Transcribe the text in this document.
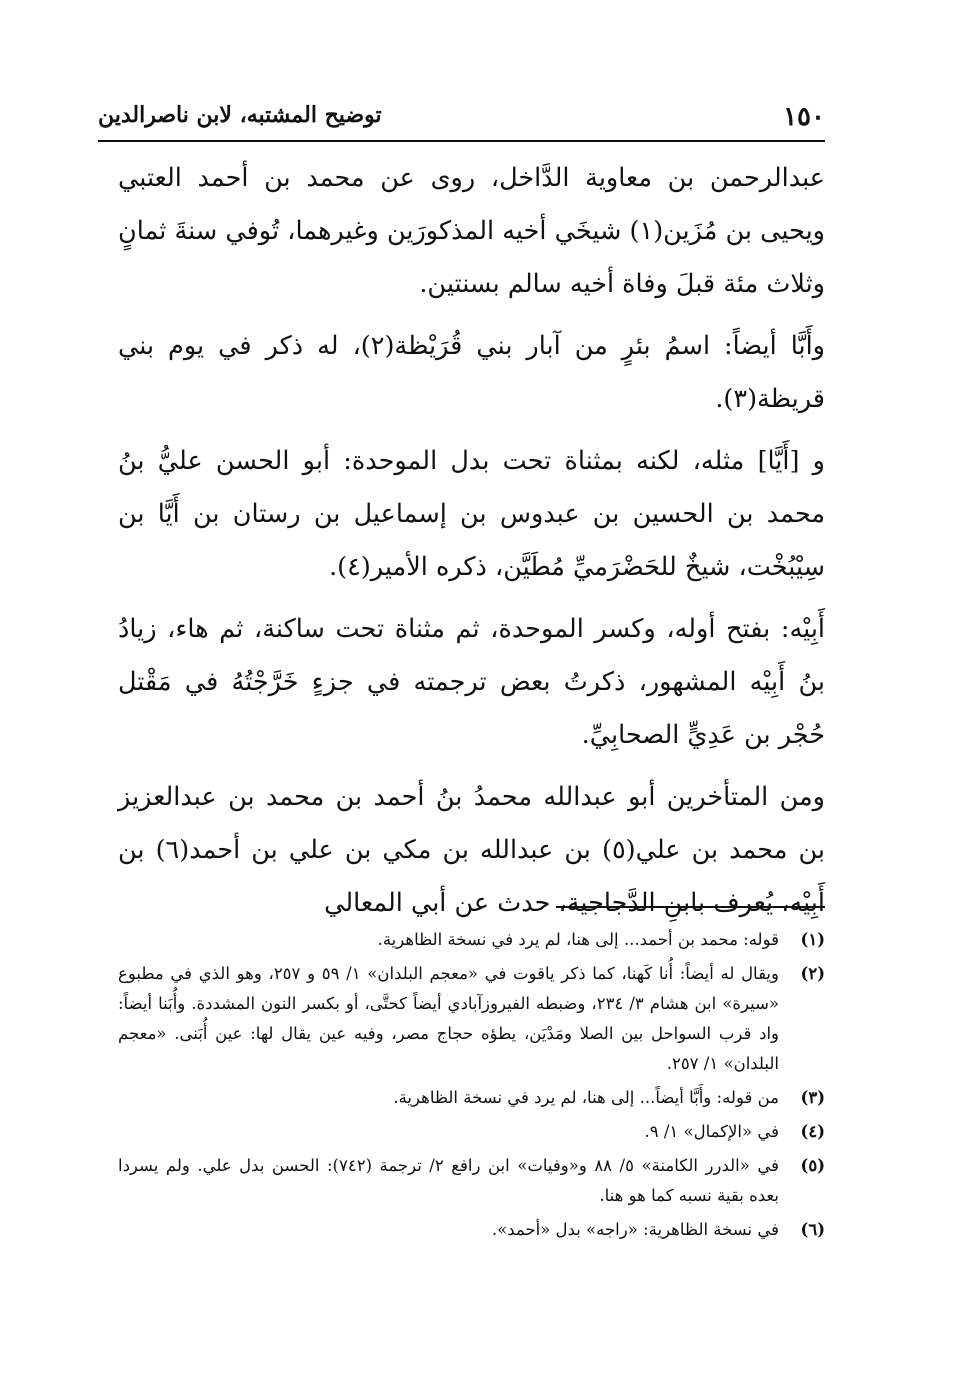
١٥٠
توضيح المشتبه، لابن ناصرالدين

عبدالرحمن بن معاوية الدَّاخل، روى عن محمد بن أحمد العتبي ويحيى بن مُزَين(١) شيخَي أخيه المذكورَين وغيرهما، تُوفي سنةَ ثمانٍ وثلاث مئة قبلَ وفاة أخيه سالم بسنتين.

وأَبَّا أيضاً: اسمُ بئرٍ من آبار بني قُرَيْظة(٢)، له ذكر في يوم بني قريظة(٣).

و [أَيَّا] مثله، لكنه بمثناة تحت بدل الموحدة: أبو الحسن عليُّ بنُ محمد بن الحسين بن عبدوس بن إسماعيل بن رستان بن أَيَّا بن سِيْبُخْت، شيخٌ للحَضْرَميِّ مُطَيَّن، ذكره الأمير(٤).

أَبِيْه: بفتح أوله، وكسر الموحدة، ثم مثناة تحت ساكنة، ثم هاء، زيادُ بنُ أَبِيْه المشهور، ذكرتُ بعض ترجمته في جزءٍ خَرَّجْتُهُ في مَقْتل حُجْر بن عَدِيٍّ الصحابِيِّ.

ومن المتأخرين أبو عبدالله محمدُ بنُ أحمد بن محمد بن عبدالعزيز بن محمد بن علي(٥) بن عبدالله بن مكي بن علي بن أحمد(٦) بن أَبِيْه، يُعرف بابنِ الدَّجاجية، حدث عن أبي المعالي

(١)
قوله: محمد بن أحمد... إلى هنا، لم يرد في نسخة الظاهرية.
(٢)
ويقال له أيضاً: أُنا كَهنا، كما ذكر ياقوت في «معجم البلدان» ١/ ٥٩ و ٢٥٧، وهو الذي في مطبوع «سيرة» ابن هشام ٣/ ٢٣٤، وضبطه الفيروزآبادي أيضاً كحتَّى، أو بكسر النون المشددة. وأُبَنا أيضاً: واد قرب السواحل بين الصلا ومَدْيَن، يطؤه حجاج مصر، وفيه عين يقال لها: عين أُبَنى. «معجم البلدان» ١/ ٢٥٧.
(٣)
من قوله: وأَبَّا أيضاً... إلى هنا، لم يرد في نسخة الظاهرية.
(٤)
في «الإكمال» ١/ ٩.
(٥)
في «الدرر الكامنة» ٥/ ٨٨ و«وفيات» ابن رافع ٢/ ترجمة (٧٤٢): الحسن بدل علي. ولم يسردا بعده بقية نسبه كما هو هنا.
(٦)
في نسخة الظاهرية: «راجه» بدل «أحمد».
